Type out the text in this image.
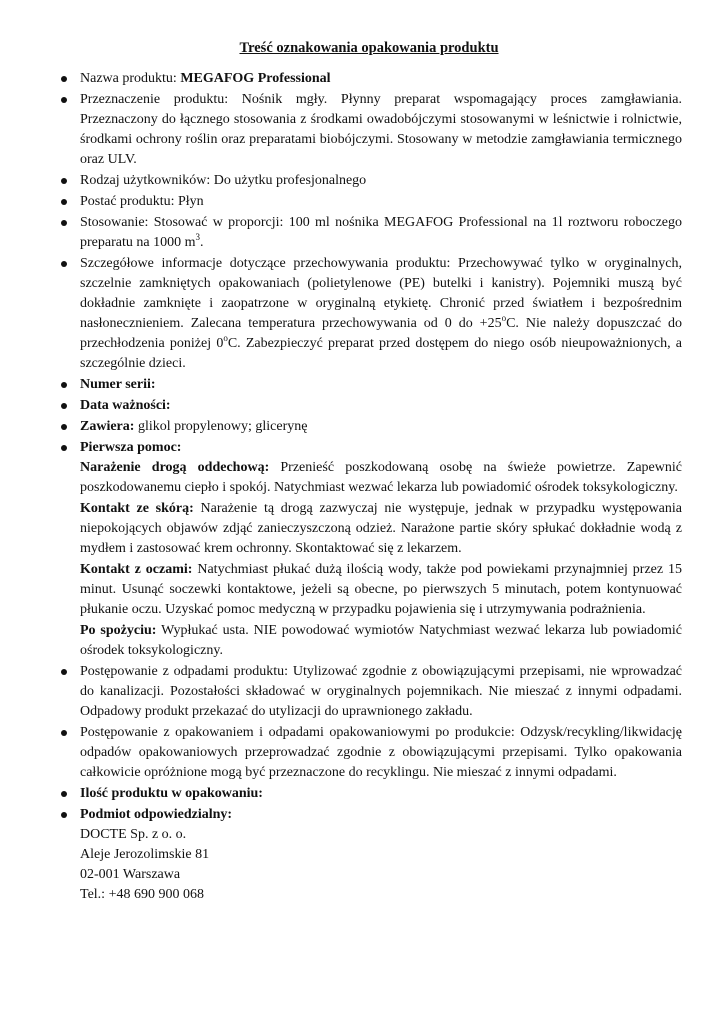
Treść oznakowania opakowania produktu
Nazwa produktu: MEGAFOG Professional
Przeznaczenie produktu: Nośnik mgły. Płynny preparat wspomagający proces zamgławiania. Przeznaczony do łącznego stosowania z środkami owadobójczymi stosowanymi w leśnictwie i rolnictwie, środkami ochrony roślin oraz preparatami biobójczymi. Stosowany w metodzie zamgławiania termicznego oraz ULV.
Rodzaj użytkowników: Do użytku profesjonalnego
Postać produktu: Płyn
Stosowanie: Stosować w proporcji: 100 ml nośnika MEGAFOG Professional na 1l roztworu roboczego preparatu na 1000 $m^3$.
Szczegółowe informacje dotyczące przechowywania produktu: Przechowywać tylko w oryginalnych, szczelnie zamkniętych opakowaniach (polietylenowe (PE) butelki i kanistry). Pojemniki muszą być dokładnie zamknięte i zaopatrzone w oryginalną etykietę. Chronić przed światłem i bezpośrednim nasłonecznieniem. Zalecana temperatura przechowywania od 0 do $+25^oC$. Nie należy dopuszczać do przechłodzenia poniżej 0$^o$C. Zabezpieczyć preparat przed dostępem do niego osób nieupoważnionych, a szczególnie dzieci.
Numer serii:
Data ważności:
Zawiera: glikol propylenowy; glicerynę
Pierwsza pomoc:
Narażenie drogą oddechową: Przenieść poszkodowaną osobę na świeże powietrze. Zapewnić poszkodowanemu ciepło i spokój. Natychmiast wezwać lekarza lub powiadomić ośrodek toksykologiczny.
Kontakt ze skórą: Narażenie tą drogą zazwyczaj nie występuje, jednak w przypadku występowania niepokojących objawów zdjąć zanieczyszczoną odzież. Narażone partie skóry spłukać dokładnie wodą z mydłem i zastosować krem ochronny. Skontaktować się z lekarzem.
Kontakt z oczami: Natychmiast płukać dużą ilością wody, także pod powiekami przynajmniej przez 15 minut. Usunąć soczewki kontaktowe, jeżeli są obecne, po pierwszych 5 minutach, potem kontynuować płukanie oczu. Uzyskać pomoc medyczną w przypadku pojawienia się i utrzymywania podrażnienia.
Po spożyciu: Wypłukać usta. NIE powodować wymiotów Natychmiast wezwać lekarza lub powiadomić ośrodek toksykologiczny.
Postępowanie z odpadami produktu: Utylizować zgodnie z obowiązującymi przepisami, nie wprowadzać do kanalizacji. Pozostałości składować w oryginalnych pojemnikach. Nie mieszać z innymi odpadami. Odpadowy produkt przekazać do utylizacji do uprawnionego zakładu.
Postępowanie z opakowaniem i odpadami opakowaniowymi po produkcie: Odzysk/recykling/likwidację odpadów opakowaniowych przeprowadzać zgodnie z obowiązującymi przepisami. Tylko opakowania całkowicie opróżnione mogą być przeznaczone do recyklingu. Nie mieszać z innymi odpadami.
Ilość produktu w opakowaniu:
Podmiot odpowiedzialny:
DOCTE Sp. z o. o.
Aleje Jerozolimskie 81
02-001 Warszawa
Tel.: +48 690 900 068
